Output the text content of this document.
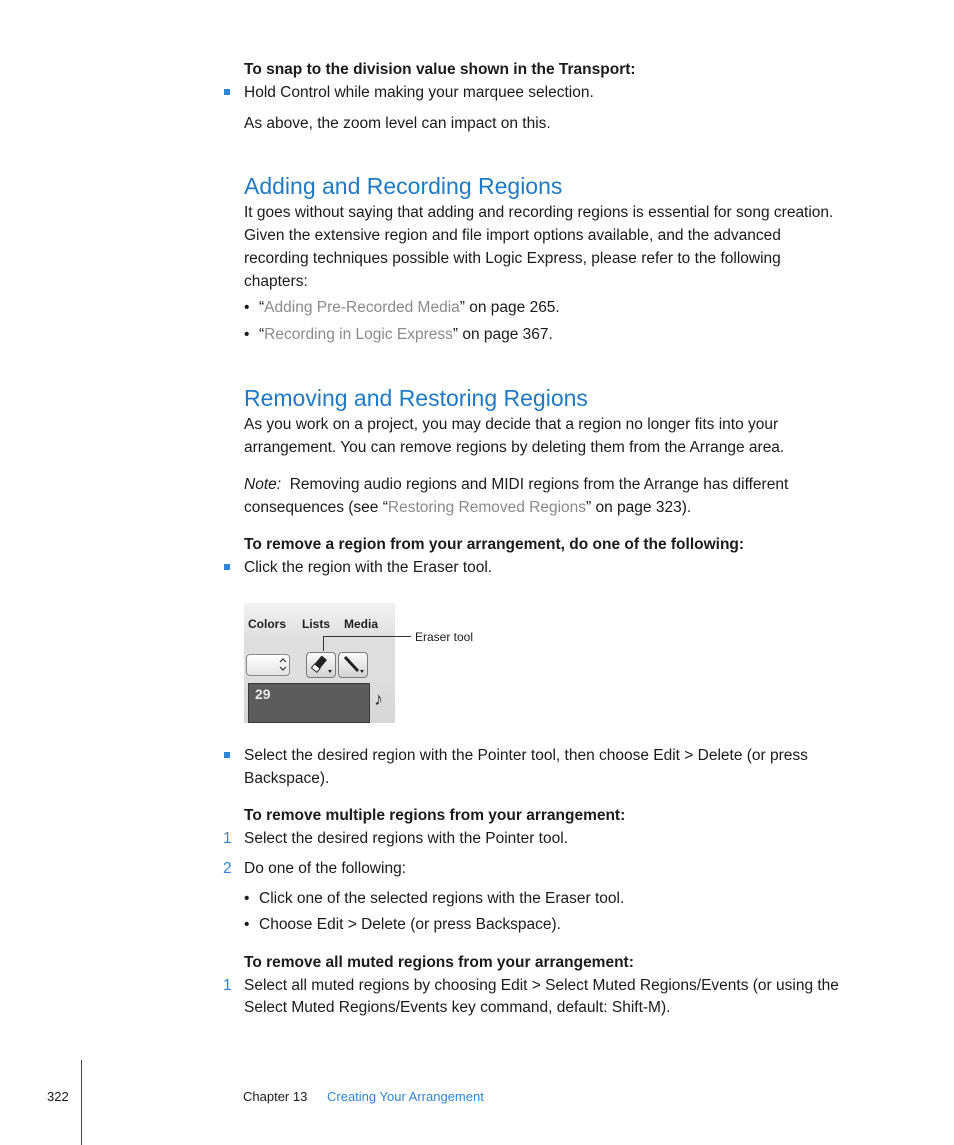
To snap to the division value shown in the Transport:
Hold Control while making your marquee selection.
As above, the zoom level can impact on this.
Adding and Recording Regions
It goes without saying that adding and recording regions is essential for song creation.
Given the extensive region and file import options available, and the advanced
recording techniques possible with Logic Express, please refer to the following
chapters:
• “Adding Pre-Recorded Media” on page 265.
• “Recording in Logic Express” on page 367.
Removing and Restoring Regions
As you work on a project, you may decide that a region no longer fits into your
arrangement. You can remove regions by deleting them from the Arrange area.
Note: Removing audio regions and MIDI regions from the Arrange has different
consequences (see “Restoring Removed Regions” on page 323).
To remove a region from your arrangement, do one of the following:
Click the region with the Eraser tool.
Colors Lists Media
29	♪
Eraser tool
Select the desired region with the Pointer tool, then choose Edit > Delete (or press
Backspace).
To remove multiple regions from your arrangement:
1 Select the desired regions with the Pointer tool.
2 Do one of the following:
• Click one of the selected regions with the Eraser tool.
• Choose Edit > Delete (or press Backspace).
To remove all muted regions from your arrangement:
1 Select all muted regions by choosing Edit > Select Muted Regions/Events (or using the
Select Muted Regions/Events key command, default: Shift-M).
322	Chapter 13 Creating Your Arrangement
